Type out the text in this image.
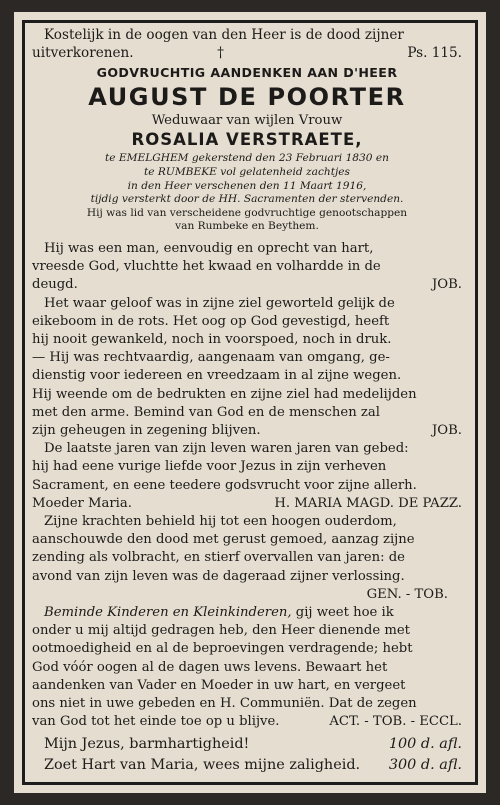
Kostelijk in de oogen van den Heer is de dood zijner
uitverkorenen.	†	Ps. 115.
GODVRUCHTIG AANDENKEN AAN D'HEER
AUGUST DE POORTER
Weduwaar van wijlen Vrouw
ROSALIA VERSTRAETE,
te EMELGHEM gekerstend den 23 Februari 1830 en
te RUMBEKE vol gelatenheid zachtjes
in den Heer verschenen den 11 Maart 1916,
tijdig versterkt door de HH. Sacramenten der stervenden.
Hij was lid van verscheidene godvruchtige genootschappen
van Rumbeke en Beythem.
Hij was een man, eenvoudig en oprecht van hart,
vreesde God, vluchtte het kwaad en volhardde in de
deugd.	JOB.
Het waar geloof was in zijne ziel geworteld gelijk de
eikeboom in de rots. Het oog op God gevestigd, heeft
hij nooit gewankeld, noch in voorspoed, noch in druk.
— Hij was rechtvaardig, aangenaam van omgang, ge-
dienstig voor iedereen en vreedzaam in al zijne wegen.
Hij weende om de bedrukten en zijne ziel had medelijden
met den arme. Bemind van God en de menschen zal
zijn geheugen in zegening blijven.	JOB.
De laatste jaren van zijn leven waren jaren van gebed:
hij had eene vurige liefde voor Jezus in zijn verheven
Sacrament, en eene teedere godsvrucht voor zijne allerh.
Moeder Maria.	H. MARIA MAGD. DE PAZZ.
Zijne krachten behield hij tot een hoogen ouderdom,
aanschouwde den dood met gerust gemoed, aanzag zijne
zending als volbracht, en stierf overvallen van jaren: de
avond van zijn leven was de dageraad zijner verlossing.
GEN. - TOB.
Beminde Kinderen en Kleinkinderen, gij weet hoe ik
onder u mij altijd gedragen heb, den Heer dienende met
ootmoedigheid en al de beproevingen verdragende; hebt
God vóór oogen al de dagen uws levens. Bewaart het
aandenken van Vader en Moeder in uw hart, en vergeet
ons niet in uwe gebeden en H. Communiën. Dat de zegen
van God tot het einde toe op u blijve.	ACT. - TOB. - ECCL.
Mijn Jezus, barmhartigheid!	100 d. afl.
Zoet Hart van Maria, wees mijne zaligheid. 300 d. afl.
